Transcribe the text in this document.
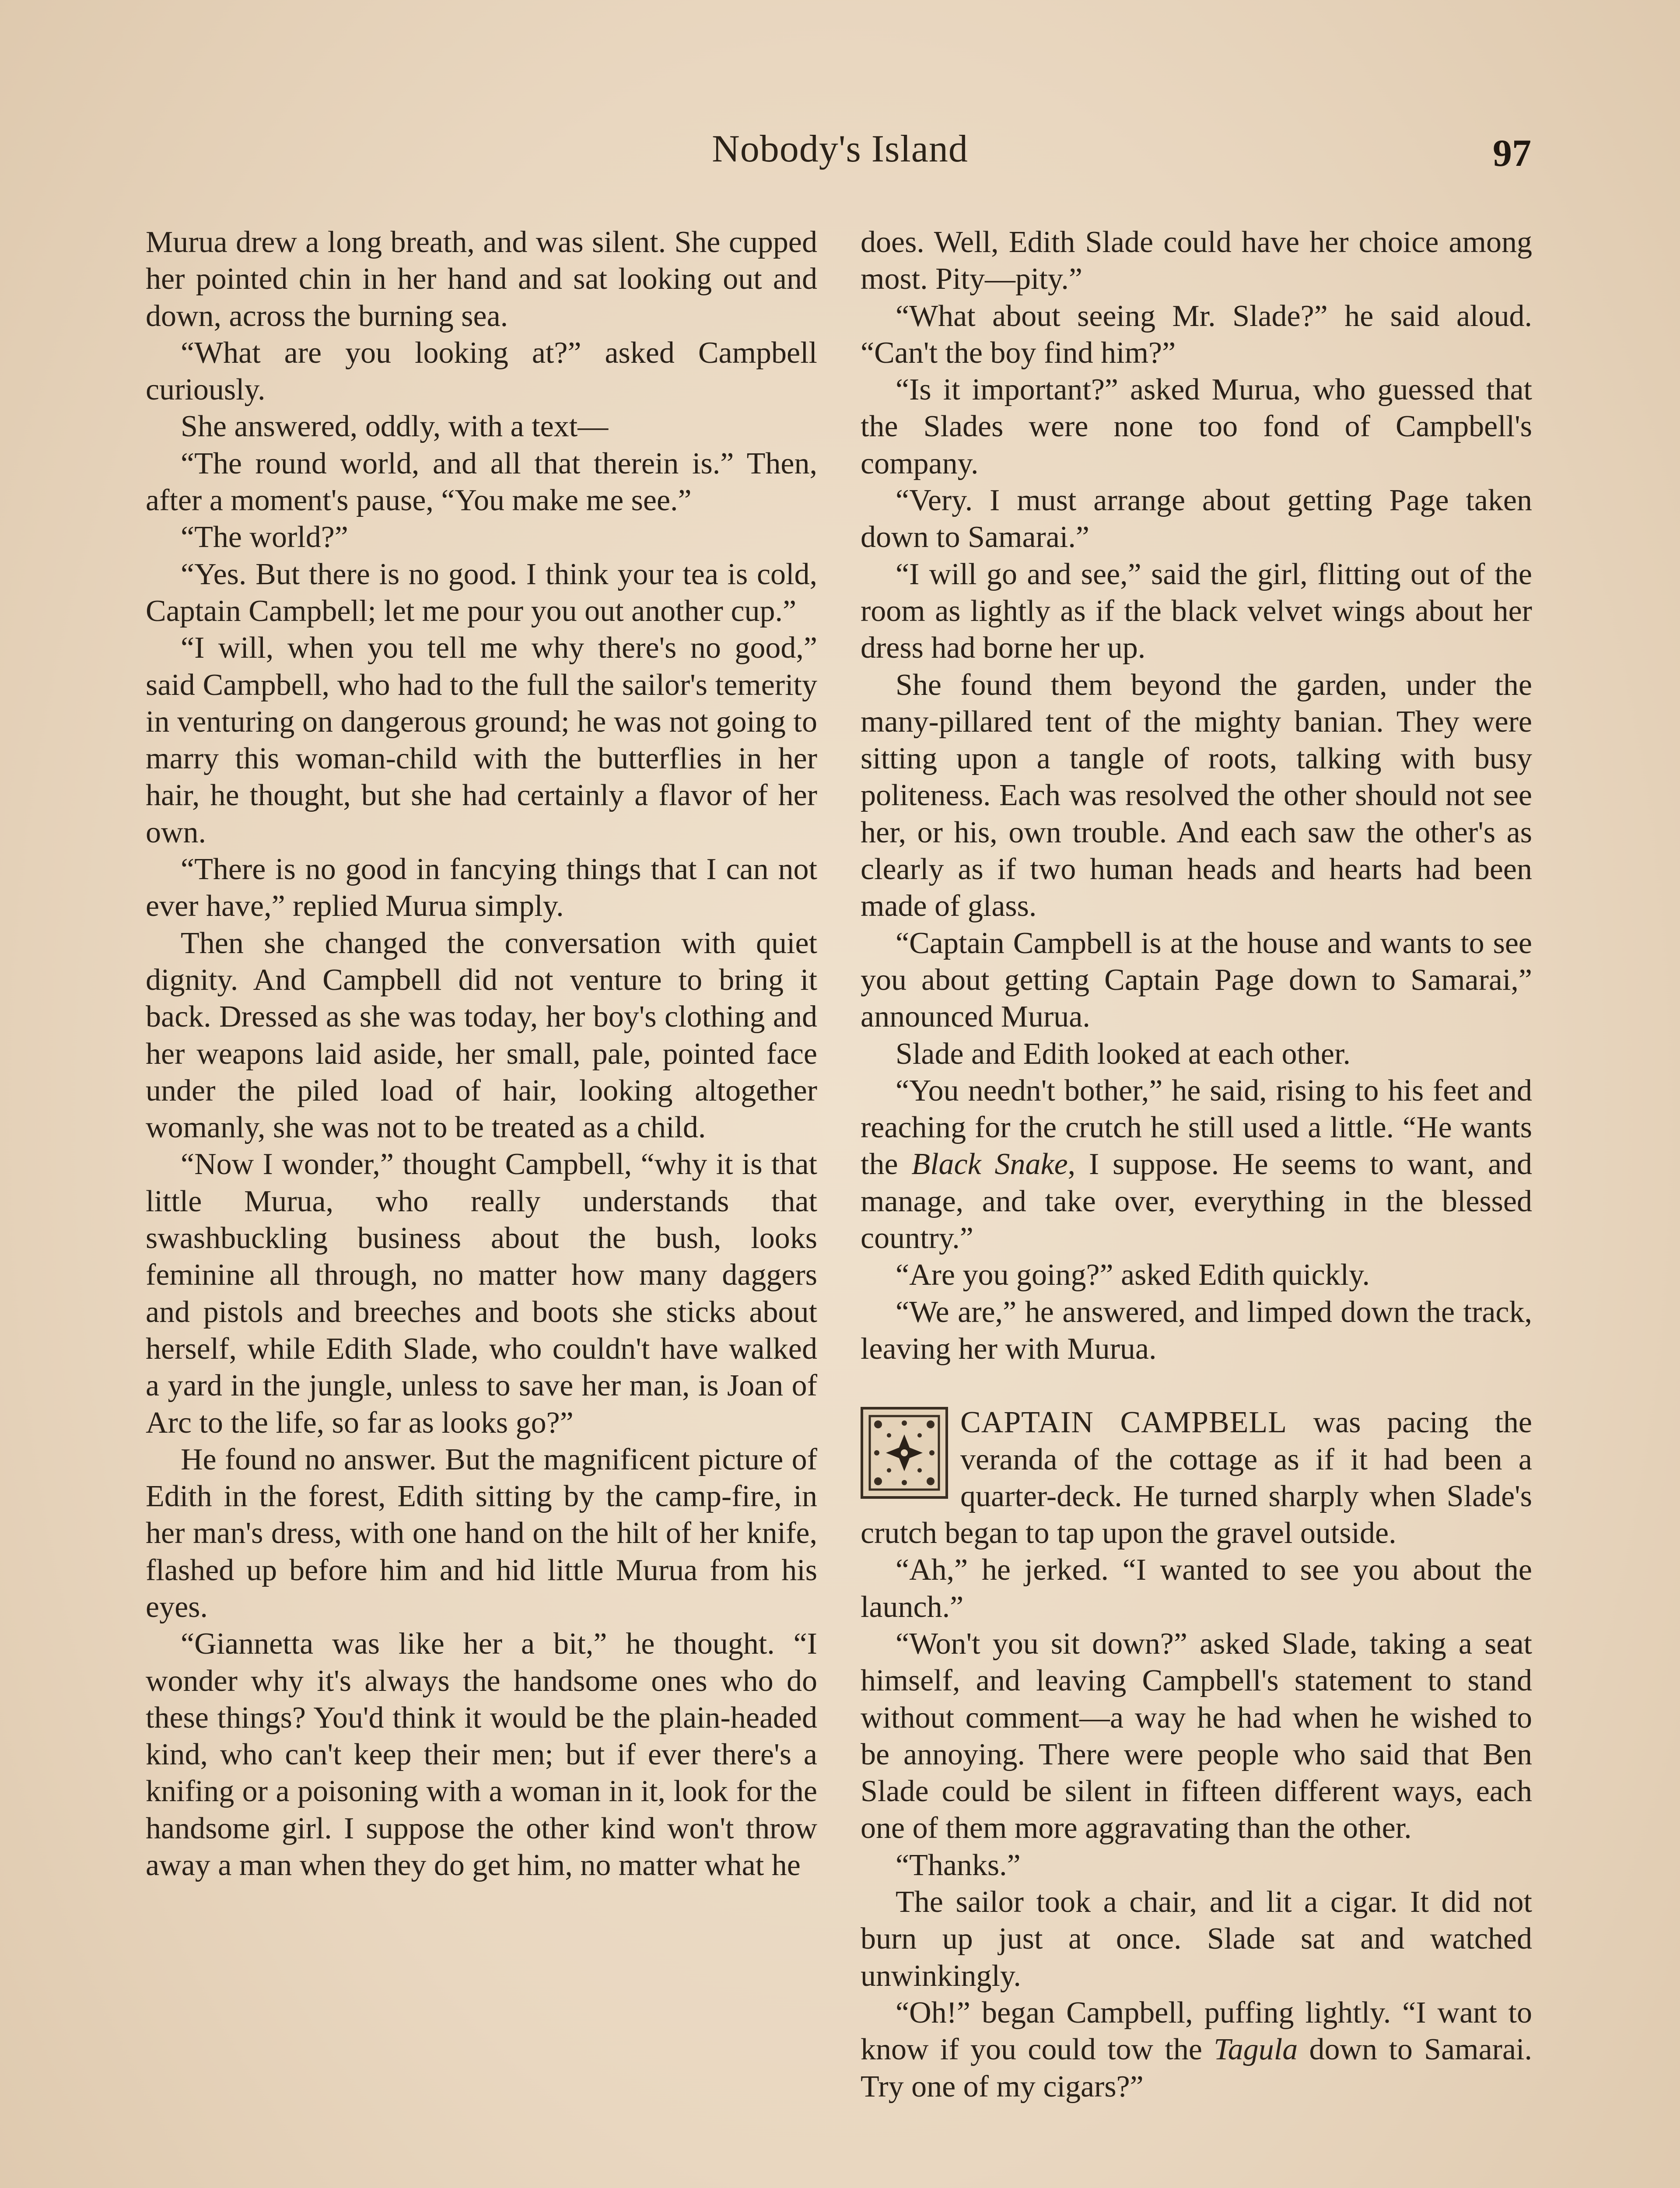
Nobody's Island	97

Murua drew a long breath, and was silent. She cupped her pointed chin in her hand and sat looking out and down, across the burning sea.

“What are you looking at?” asked Campbell curiously.

She answered, oddly, with a text—

“The round world, and all that therein is.” Then, after a moment's pause, “You make me see.”

“The world?”

“Yes. But there is no good. I think your tea is cold, Captain Campbell; let me pour you out another cup.”

“I will, when you tell me why there's no good,” said Campbell, who had to the full the sailor's temerity in venturing on dangerous ground; he was not going to marry this woman-child with the butterflies in her hair, he thought, but she had certainly a flavor of her own.

“There is no good in fancying things that I can not ever have,” replied Murua simply.

Then she changed the conversation with quiet dignity. And Campbell did not venture to bring it back. Dressed as she was today, her boy's clothing and her weapons laid aside, her small, pale, pointed face under the piled load of hair, looking altogether womanly, she was not to be treated as a child.

“Now I wonder,” thought Campbell, “why it is that little Murua, who really understands that swashbuckling business about the bush, looks feminine all through, no matter how many daggers and pistols and breeches and boots she sticks about herself, while Edith Slade, who couldn't have walked a yard in the jungle, unless to save her man, is Joan of Arc to the life, so far as looks go?”

He found no answer. But the magnificent picture of Edith in the forest, Edith sitting by the camp-fire, in her man's dress, with one hand on the hilt of her knife, flashed up before him and hid little Murua from his eyes.

“Giannetta was like her a bit,” he thought. “I wonder why it's always the handsome ones who do these things? You'd think it would be the plain-headed kind, who can't keep their men; but if ever there's a knifing or a poisoning with a woman in it, look for the handsome girl. I suppose the other kind won't throw away a man when they do get him, no matter what he

does. Well, Edith Slade could have her choice among most. Pity—pity.”

“What about seeing Mr. Slade?” he said aloud. “Can't the boy find him?”

“Is it important?” asked Murua, who guessed that the Slades were none too fond of Campbell's company.

“Very. I must arrange about getting Page taken down to Samarai.”

“I will go and see,” said the girl, flitting out of the room as lightly as if the black velvet wings about her dress had borne her up.

She found them beyond the garden, under the many-pillared tent of the mighty banian. They were sitting upon a tangle of roots, talking with busy politeness. Each was resolved the other should not see her, or his, own trouble. And each saw the other's as clearly as if two human heads and hearts had been made of glass.

“Captain Campbell is at the house and wants to see you about getting Captain Page down to Samarai,” announced Murua.

Slade and Edith looked at each other.

“You needn't bother,” he said, rising to his feet and reaching for the crutch he still used a little. “He wants the Black Snake, I suppose. He seems to want, and manage, and take over, everything in the blessed country.”

“Are you going?” asked Edith quickly.

“We are,” he answered, and limped down the track, leaving her with Murua.

CAPTAIN CAMPBELL was pacing the veranda of the cottage as if it had been a quarter-deck. He turned sharply when Slade's crutch began to tap upon the gravel outside.

“Ah,” he jerked. “I wanted to see you about the launch.”

“Won't you sit down?” asked Slade, taking a seat himself, and leaving Campbell's statement to stand without comment—a way he had when he wished to be annoying. There were people who said that Ben Slade could be silent in fifteen different ways, each one of them more aggravating than the other.

“Thanks.”

The sailor took a chair, and lit a cigar. It did not burn up just at once. Slade sat and watched unwinkingly.

“Oh!” began Campbell, puffing lightly. “I want to know if you could tow the Tagula down to Samarai. Try one of my cigars?”
